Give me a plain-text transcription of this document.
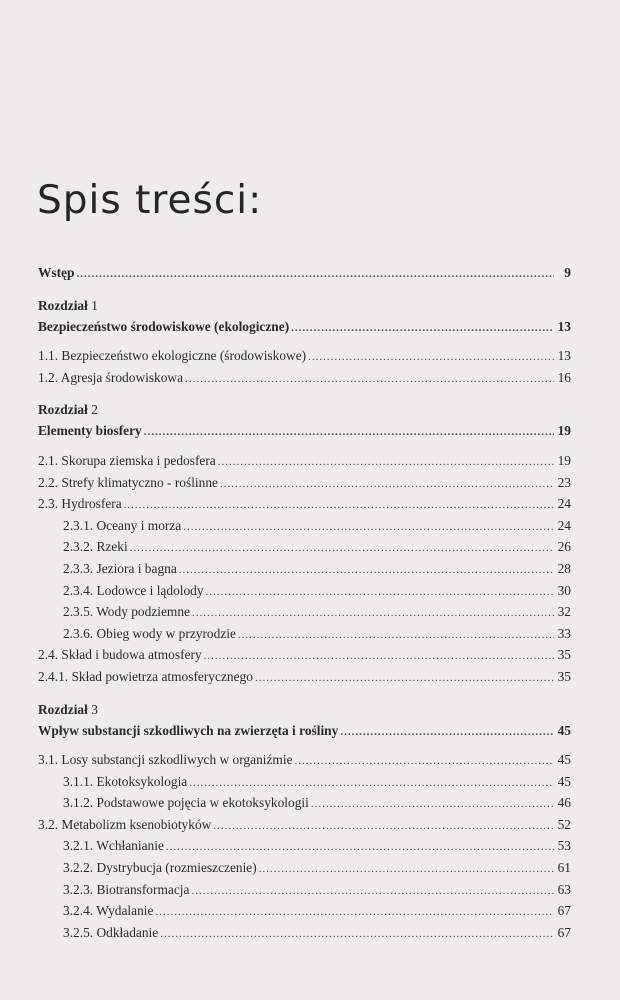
Spis treści:
Wstęp .....	9
Rozdział 1
Bezpieczeństwo środowiskowe (ekologiczne) .....	13
1.1. Bezpieczeństwo ekologiczne (środowiskowe) .....	13
1.2. Agresja środowiskowa .....	16
Rozdział 2
Elementy biosfery .....	19
2.1. Skorupa ziemska i pedosfera .....	19
2.2. Strefy klimatyczno - roślinne .....	23
2.3. Hydrosfera .....	24
2.3.1. Oceany i morza .....	24
2.3.2. Rzeki .....	26
2.3.3. Jeziora i bagna .....	28
2.3.4. Lodowce i lądolody .....	30
2.3.5. Wody podziemne .....	32
2.3.6. Obieg wody w przyrodzie .....	33
2.4. Skład i budowa atmosfery .....	35
2.4.1. Skład powietrza atmosferycznego .....	35
Rozdział 3
Wpływ substancji szkodliwych na zwierzęta i rośliny .....	45
3.1. Losy substancji szkodliwych w organiźmie .....	45
3.1.1. Ekotoksykologia .....	45
3.1.2. Podstawowe pojęcia w ekotoksykologii .....	46
3.2. Metabolizm ksenobiotyków .....	52
3.2.1. Wchłanianie .....	53
3.2.2. Dystrybucja (rozmieszczenie) .....	61
3.2.3. Biotransformacja .....	63
3.2.4. Wydalanie .....	67
3.2.5. Odkładanie .....	67
